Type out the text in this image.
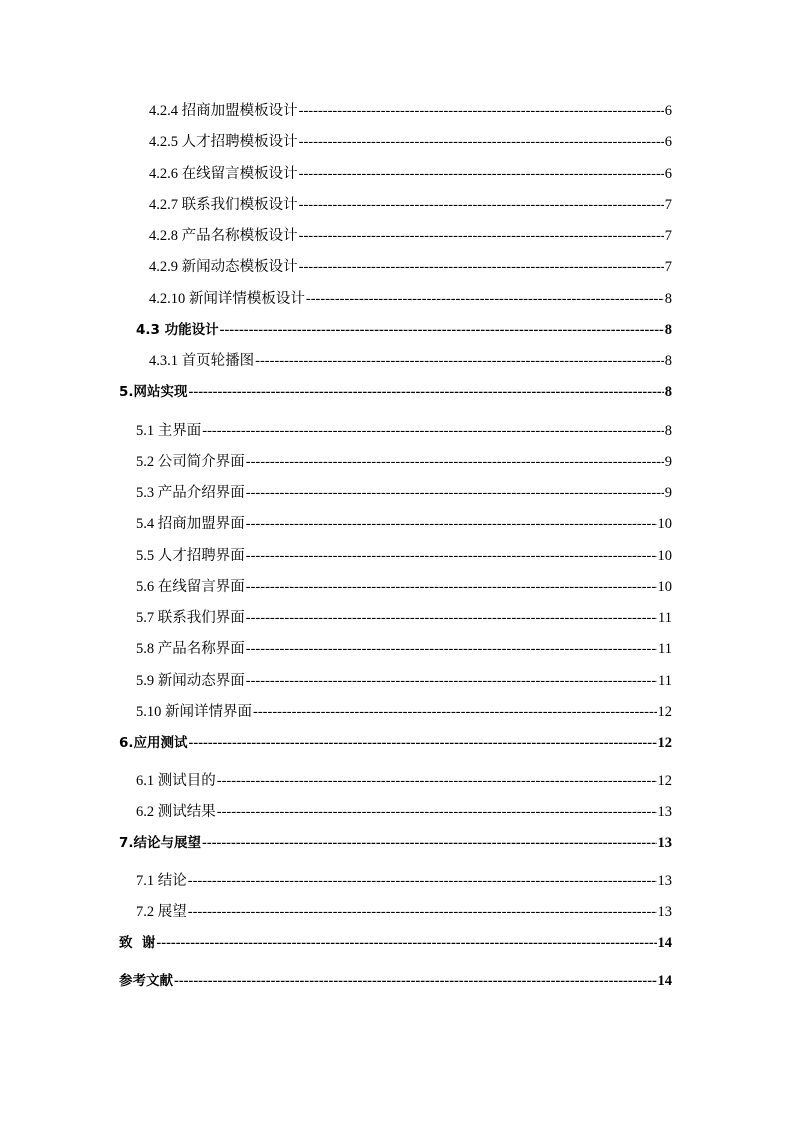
4.2.4 招商加盟模板设计 -----	6
4.2.5 人才招聘模板设计 -----	6
4.2.6 在线留言模板设计 -----	6
4.2.7 联系我们模板设计 -----	7
4.2.8 产品名称模板设计 -----	7
4.2.9 新闻动态模板设计 -----	7
4.2.10 新闻详情模板设计 -----	8
4.3 功能设计 -----	8
4.3.1 首页轮播图 -----	8
5.网站实现 -----	8
5.1 主界面 -----	8
5.2 公司简介界面 -----	9
5.3 产品介绍界面 -----	9
5.4 招商加盟界面 -----	10
5.5 人才招聘界面 -----	10
5.6 在线留言界面 -----	10
5.7 联系我们界面 -----	11
5.8 产品名称界面 -----	11
5.9 新闻动态界面 -----	11
5.10 新闻详情界面 -----	12
6.应用测试 -----	12
6.1 测试目的 -----	12
6.2 测试结果 -----	13
7.结论与展望 -----	13
7.1 结论 -----	13
7.2 展望 -----	13
致  谢 -----	14
参考文献 -----	14
